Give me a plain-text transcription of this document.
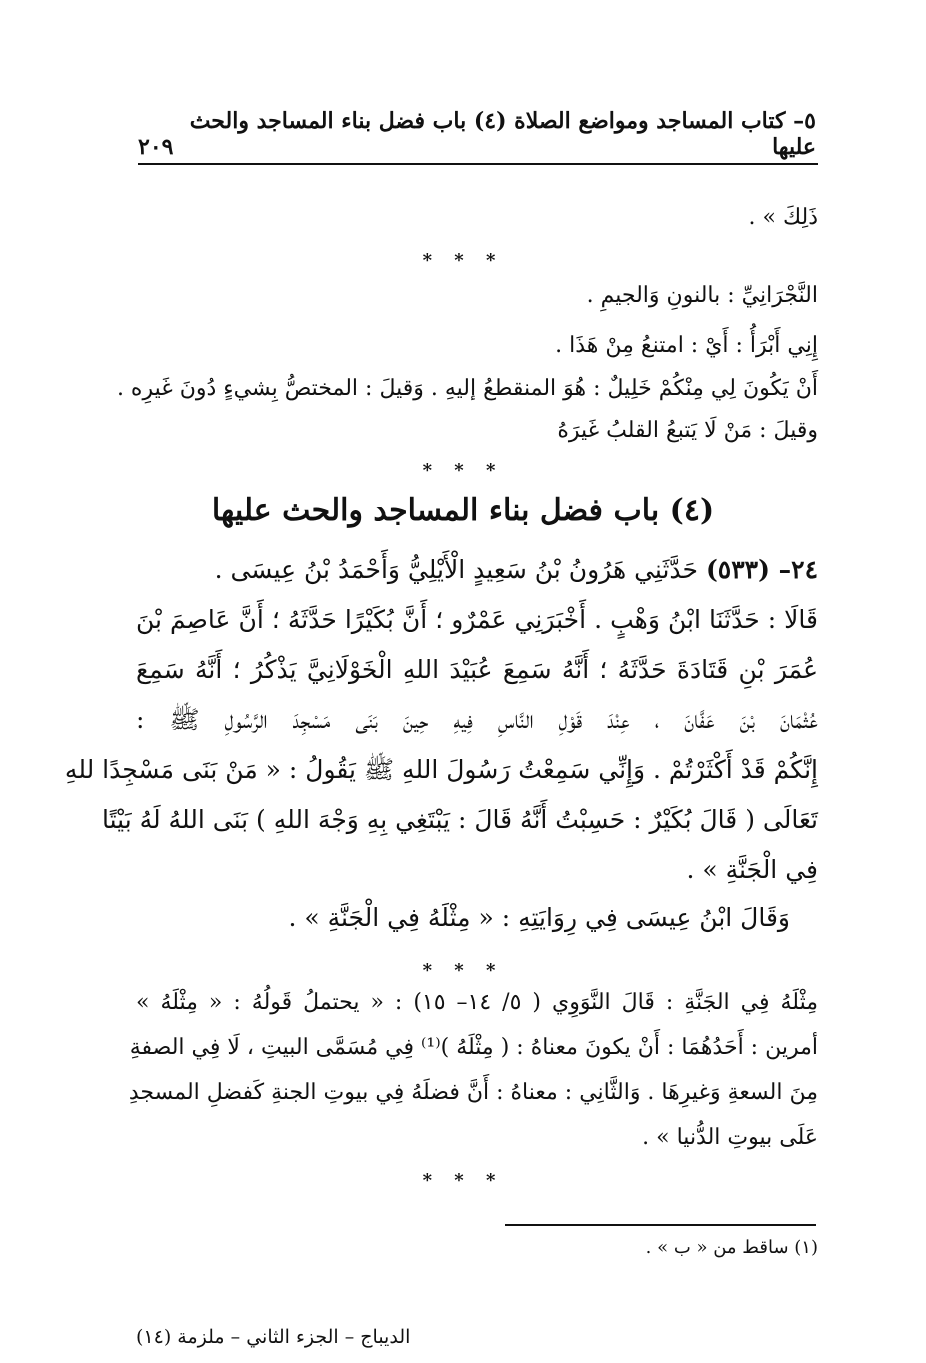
٥– كتاب المساجد ومواضع الصلاة (٤) باب فضل بناء المساجد والحث عليها
٢٠٩
ذَلِكَ » .
* * *
النَّجْرَانِيِّ : بالنونِ وَالجيمِ .
إِنِي أَبْرَأُ : أَيْ : امتنعُ مِنْ هَذَا .
أَنْ يَكُونَ لِي مِنْكُمْ خَلِيلٌ : هُوَ المنقطعُ إليهِ . وَقيلَ : المختصُّ بِشيءٍ دُونَ غَيرِه .
وقيلَ : مَنْ لَا يَتبعُ القلبُ غَيرَهُ
* * *
(٤) باب فضل بناء المساجد والحث عليها
٢٤– (٥٣٣) حَدَّثَنِي هَرُونُ بْنُ سَعِيدٍ الْأَيْلِيُّ وَأَحْمَدُ بْنُ عِيسَى .
قَالَا : حَدَّثَنَا ابْنُ وَهْبٍ . أَخْبَرَنِي عَمْرٌو ؛ أَنَّ بُكَيْرًا حَدَّثَهُ ؛ أَنَّ عَاصِمَ بْنَ
عُمَرَ بْنِ قَتَادَةَ حَدَّثَهُ ؛ أَنَّهُ سَمِعَ عُبَيْدَ اللهِ الْخَوْلَانِيَّ يَذْكُرُ ؛ أَنَّهُ سَمِعَ
عُثْمَانَ بْنَ عَفَّانَ ، عِنْدَ قَوْلِ النَّاسِ فِيهِ حِينَ بَنَى مَسْجِدَ الرَّسُولِ ﷺ :
إِنَّكُمْ قَدْ أَكْثَرْتُمْ . وَإِنِّي سَمِعْتُ رَسُولَ اللهِ ﷺ يَقُولُ : « مَنْ بَنَى مَسْجِدًا للهِ
تَعَالَى ( قَالَ بُكَيْرٌ : حَسِبْتُ أَنَّهُ قَالَ : يَبْتَغِي بِهِ وَجْهَ اللهِ ) بَنَى اللهُ لَهُ بَيْتًا
فِي الْجَنَّةِ » .
وَقَالَ ابْنُ عِيسَى فِي رِوَايَتِهِ : « مِثْلَهُ فِي الْجَنَّةِ » .
* * *
مِثْلَهُ فِي الجَنَّةِ : قَالَ النَّوَوِي ( ٥/ ١٤– ١٥) : « يحتملُ قَولُهُ : « مِثْلَهُ »
أمرين : أَحَدُهُمَا : أَنْ يكونَ معناهُ : ( مِثْلَهُ )⁽¹⁾ فِي مُسَمَّى البيتِ ، لَا فِي الصفةِ
مِنَ السعةِ وَغيرِهَا . وَالثَّانِي : معناهُ : أَنَّ فضلَهُ فِي بيوتِ الجنةِ كَفضلِ المسجدِ
عَلَى بيوتِ الدُّنيا » .
* * *
(١) ساقط من « ب » .
الديباج – الجزء الثاني – ملزمة (١٤)
